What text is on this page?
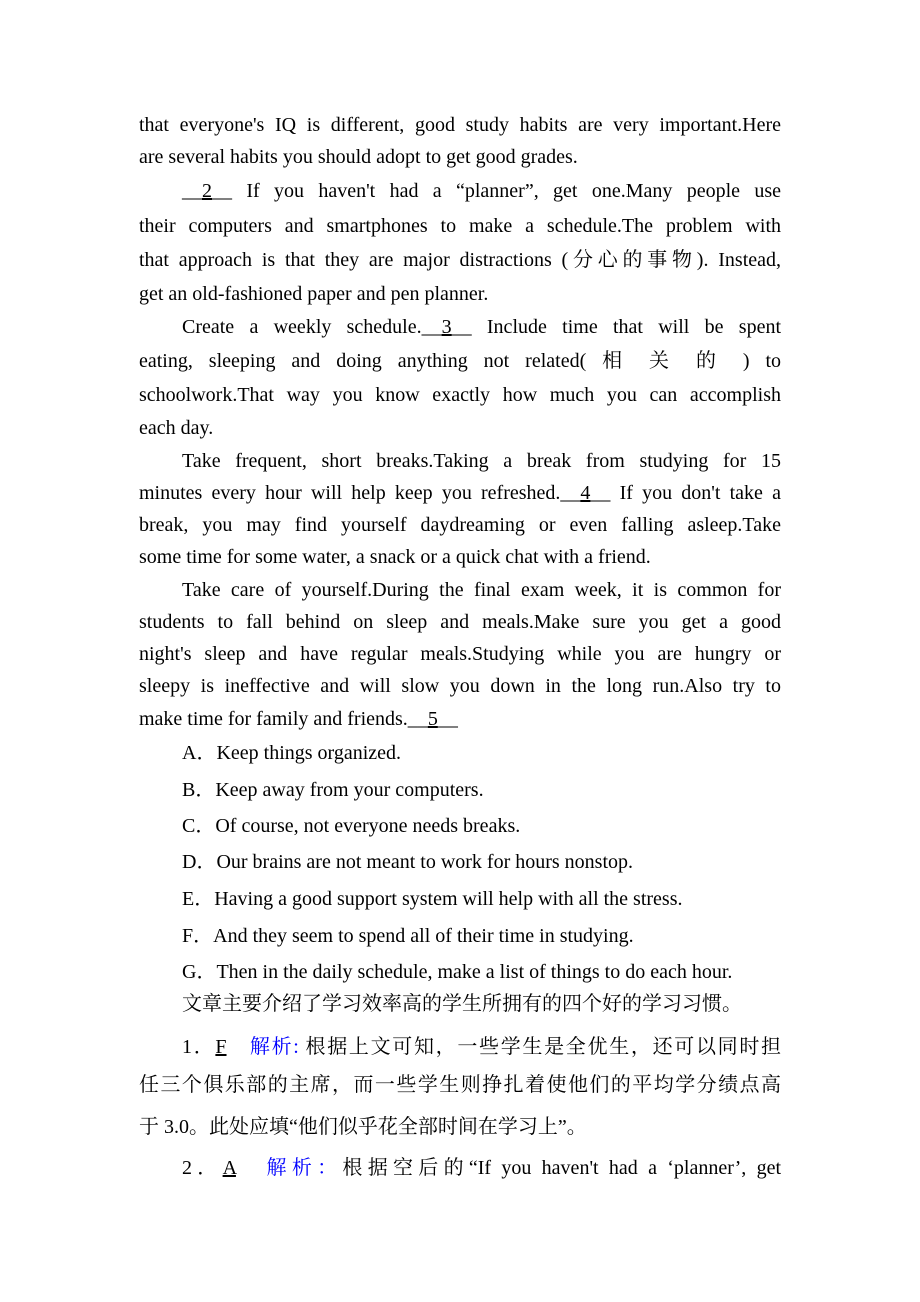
that everyone's IQ is different, good study habits are very important.Here
are several habits you should adopt to get good grades.
__2__ If you haven't had a “planner”, get one.Many people use
their computers and smartphones to make a schedule.The problem with
that approach is that they are major distractions (分心的事物). Instead,
get an old-fashioned paper and pen planner.
Create a weekly schedule.__3__ Include time that will be spent
eating, sleeping and doing anything not related( 相 关 的 ) to
schoolwork.That way you know exactly how much you can accomplish
each day.
Take frequent, short breaks.Taking a break from studying for 15
minutes every hour will help keep you refreshed.__4__ If you don't take a
break, you may find yourself daydreaming or even falling asleep.Take
some time for some water, a snack or a quick chat with a friend.
Take care of yourself.During the final exam week, it is common for
students to fall behind on sleep and meals.Make sure you get a good
night's sleep and have regular meals.Studying while you are hungry or
sleepy is ineffective and will slow you down in the long run.Also try to
make time for family and friends.__5__
A．Keep things organized.
B．Keep away from your computers.
C．Of course, not everyone needs breaks.
D．Our brains are not meant to work for hours nonstop.
E．Having a good support system will help with all the stress.
F．And they seem to spend all of their time in studying.
G．Then in the daily schedule, make a list of things to do each hour.
文章主要介绍了学习效率高的学生所拥有的四个好的学习习惯。
1．F　 解析: 根据上文可知，一些学生是全优生，还可以同时担
任三个俱乐部的主席，而一些学生则挣扎着使他们的平均学分绩点高
于 3.0。此处应填“他们似乎花全部时间在学习上”。
2．A　 解析：根据空后的“If you haven't had a ‘planner’, get
